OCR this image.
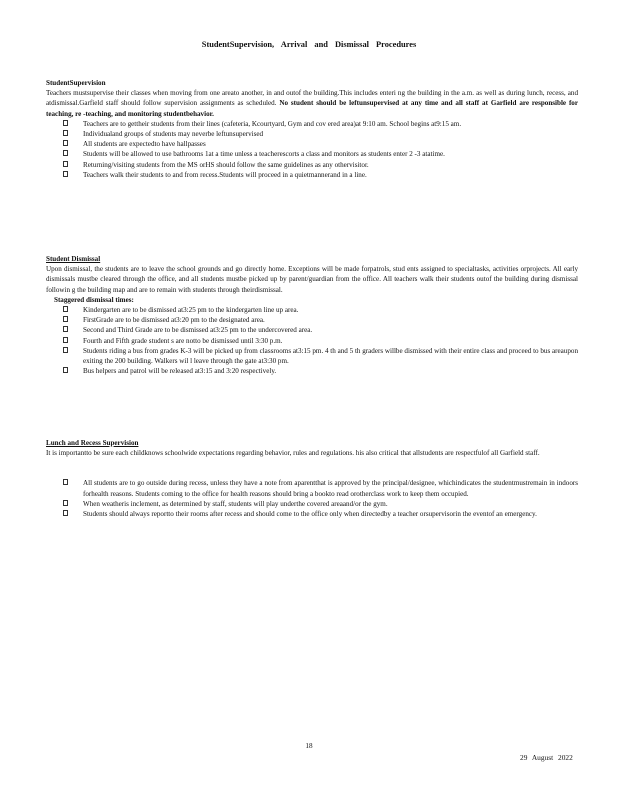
StudentSupervision, Arrival and Dismissal Procedures
StudentSupervision

Teachers mustsupervise their classes when moving from one areato another, in and outof the building.This includes enteri ng the building in the a.m. as well as during lunch, recess, and atdismissal.Garfield staff should follow supervision assignments as scheduled. No student should be leftunsupervised at any time and all staff at Garfield are responsible for teaching, re -teaching, and monitoring studentbehavior.

Teachers are to gettheir students from their lines (cafeteria, Kcourtyard, Gym and cov ered area)at 9:10 am. School begins at9:15 am.
Individualand groups of students may neverbe leftunsupervised
All students are expectedto have hallpasses
Students will be allowed to use bathrooms 1at a time unless a teacherescorts a class and monitors as students enter 2 -3 atatime.
Returning/visiting students from the MS orHS should follow the same guidelines as any othervisitor.
Teachers walk their students to and from recess.Students will proceed in a quietmannerand in a line.
Student Dismissal

Upon dismissal, the students are to leave the school grounds and go directly home. Exceptions will be made forpatrols, stud ents assigned to specialtasks, activities orprojects. All early dismissals mustbe cleared through the office, and all students mustbe picked up by parent/guardian from the office. All teachers walk their students outof the building during dismissal followin g the building map and are to remain with students through theirdismissal.

Staggered dismissal times:
Kindergarten are to be dismissed at3:25 pm to the kindergarten line up area.
FirstGrade are to be dismissed at3:20 pm to the designated area.
Second and Third Grade are to be dismissed at3:25 pm to the undercovered area.
Fourth and Fifth grade student s are notto be dismissed until 3:30 p.m.
Students riding a bus from grades K-3 will be picked up from classrooms at3:15 pm. 4 th and 5 th graders willbe dismissed with their entire class and proceed to bus areaupon exiting the 200 building. Walkers wil l leave through the gate at3:30 pm.
Bus helpers and patrol will be released at3:15 and 3:20 respectively.
Lunch and Recess Supervision

It is importantto be sure each childknows schoolwide expectations regarding behavior, rules and regulations. his also critical that allstudents are respectfulof all Garfield staff.

All students are to go outside during recess, unless they have a note from aparentthat is approved by the principal/designee, whichindicates the studentmustremain in indoors forhealth reasons. Students coming to the office for health reasons should bring a bookto read orotherclass work to keep them occupied.
When weatheris inclement, as determined by staff, students will play underthe covered areaand/or the gym.
Students should always reportto their rooms after recess and should come to the office only when directedby a teacher orsupervisorin the eventof an emergency.
18
29 August 2022
